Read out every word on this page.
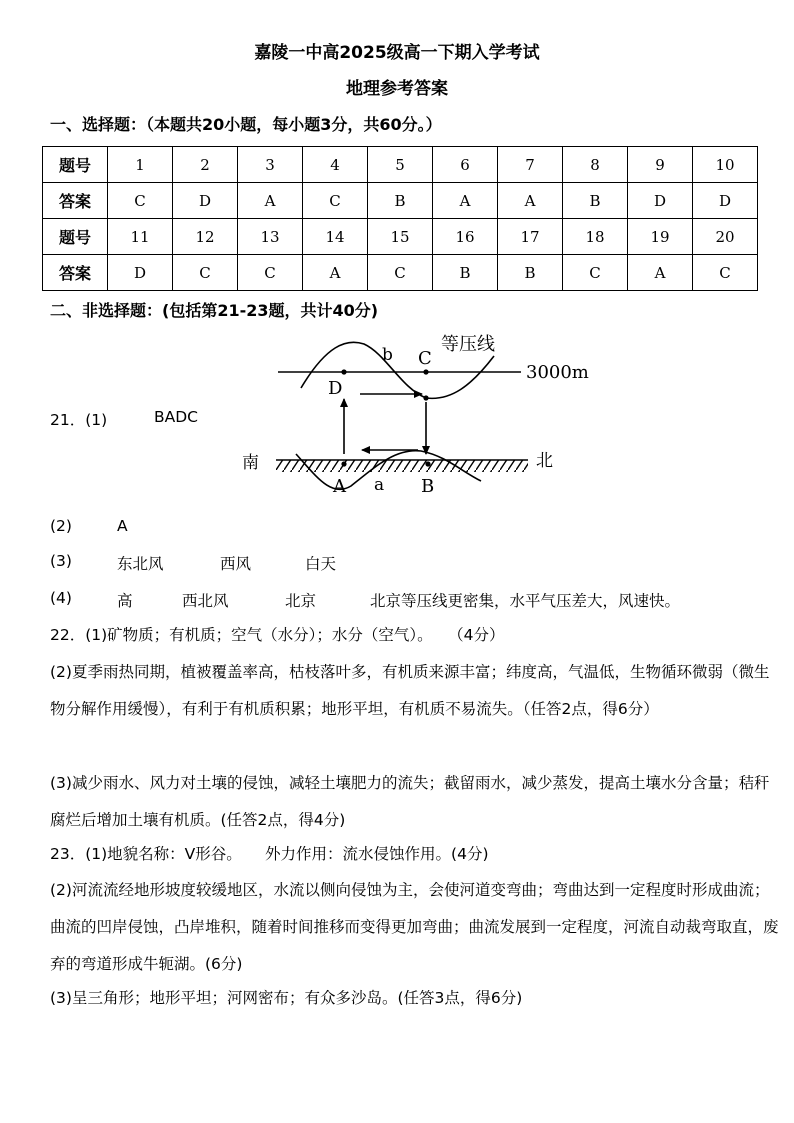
嘉陵一中高2025级高一下期入学考试
地理参考答案
一、选择题：（本题共20小题，每小题3分，共60分。）
题号	1	2	3	4	5	6	7	8	9	10
答案	C	D	A	C	B	A	A	B	D	D
题号	11	12	13	14	15	16	17	18	19	20
答案	D	C	C	A	C	B	B	C	A	C
二、非选择题：(包括第21-23题，共计40分)
21．(1)	BADC
等压线
3000m
b C
D
南	北
A a B
(2)	A
(3)	东北风	西风	白天
(4)	高	西北风	北京	北京等压线更密集，水平气压差大，风速快。
22．(1)矿物质；有机质；空气（水分）；水分（空气）。　　（4分）
(2)夏季雨热同期，植被覆盖率高，枯枝落叶多，有机质来源丰富；纬度高，气温低，生物循环微弱（微生物分解作用缓慢），有利于有机质积累；地形平坦，有机质不易流失。（任答2点，得6分）
(3)减少雨水、风力对土壤的侵蚀，减轻土壤肥力的流失；截留雨水，减少蒸发，提高土壤水分含量；秸秆腐烂后增加土壤有机质。(任答2点，得4分)
23．(1)地貌名称：V形谷。　　外力作用：流水侵蚀作用。(4分)
(2)河流流经地形坡度较缓地区，水流以侧向侵蚀为主，会使河道变弯曲；弯曲达到一定程度时形成曲流；曲流的凹岸侵蚀，凸岸堆积，随着时间推移而变得更加弯曲；曲流发展到一定程度，河流自动裁弯取直，废弃的弯道形成牛轭湖。(6分)
(3)呈三角形；地形平坦；河网密布；有众多沙岛。(任答3点，得6分)
